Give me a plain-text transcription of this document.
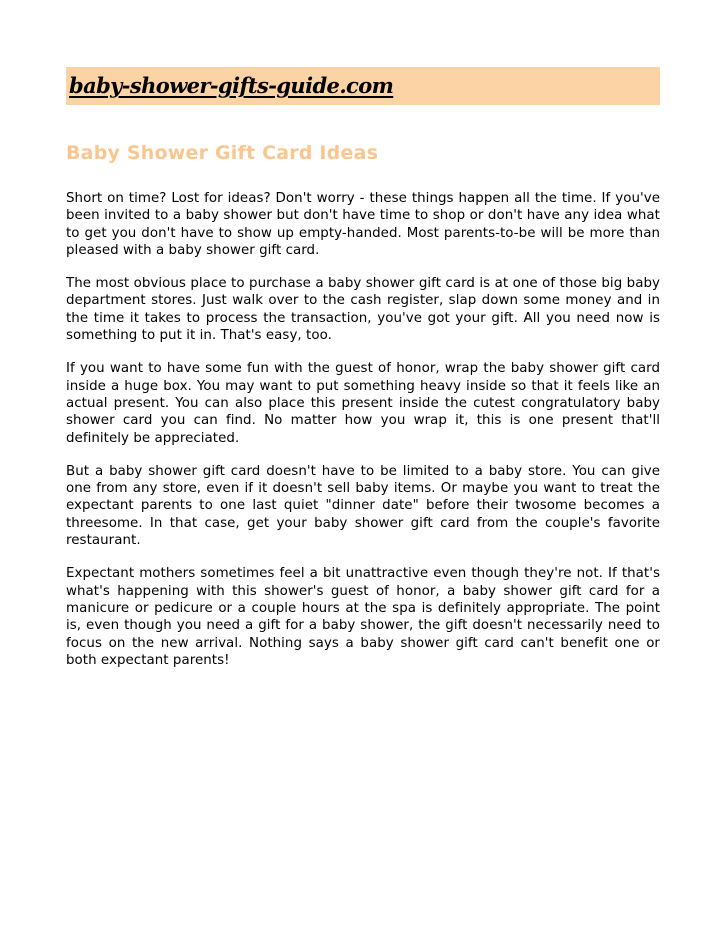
baby-shower-gifts-guide.com
Baby Shower Gift Card Ideas

Short on time? Lost for ideas? Don't worry - these things happen all the time. If you've been invited to a baby shower but don't have time to shop or don't have any idea what to get you don't have to show up empty-handed. Most parents-to-be will be more than pleased with a baby shower gift card.

The most obvious place to purchase a baby shower gift card is at one of those big baby department stores. Just walk over to the cash register, slap down some money and in the time it takes to process the transaction, you've got your gift. All you need now is something to put it in. That's easy, too.

If you want to have some fun with the guest of honor, wrap the baby shower gift card inside a huge box. You may want to put something heavy inside so that it feels like an actual present. You can also place this present inside the cutest congratulatory baby shower card you can find. No matter how you wrap it, this is one present that'll definitely be appreciated.

But a baby shower gift card doesn't have to be limited to a baby store. You can give one from any store, even if it doesn't sell baby items. Or maybe you want to treat the expectant parents to one last quiet "dinner date" before their twosome becomes a threesome. In that case, get your baby shower gift card from the couple's favorite restaurant.

Expectant mothers sometimes feel a bit unattractive even though they're not. If that's what's happening with this shower's guest of honor, a baby shower gift card for a manicure or pedicure or a couple hours at the spa is definitely appropriate. The point is, even though you need a gift for a baby shower, the gift doesn't necessarily need to focus on the new arrival. Nothing says a baby shower gift card can't benefit one or both expectant parents!
